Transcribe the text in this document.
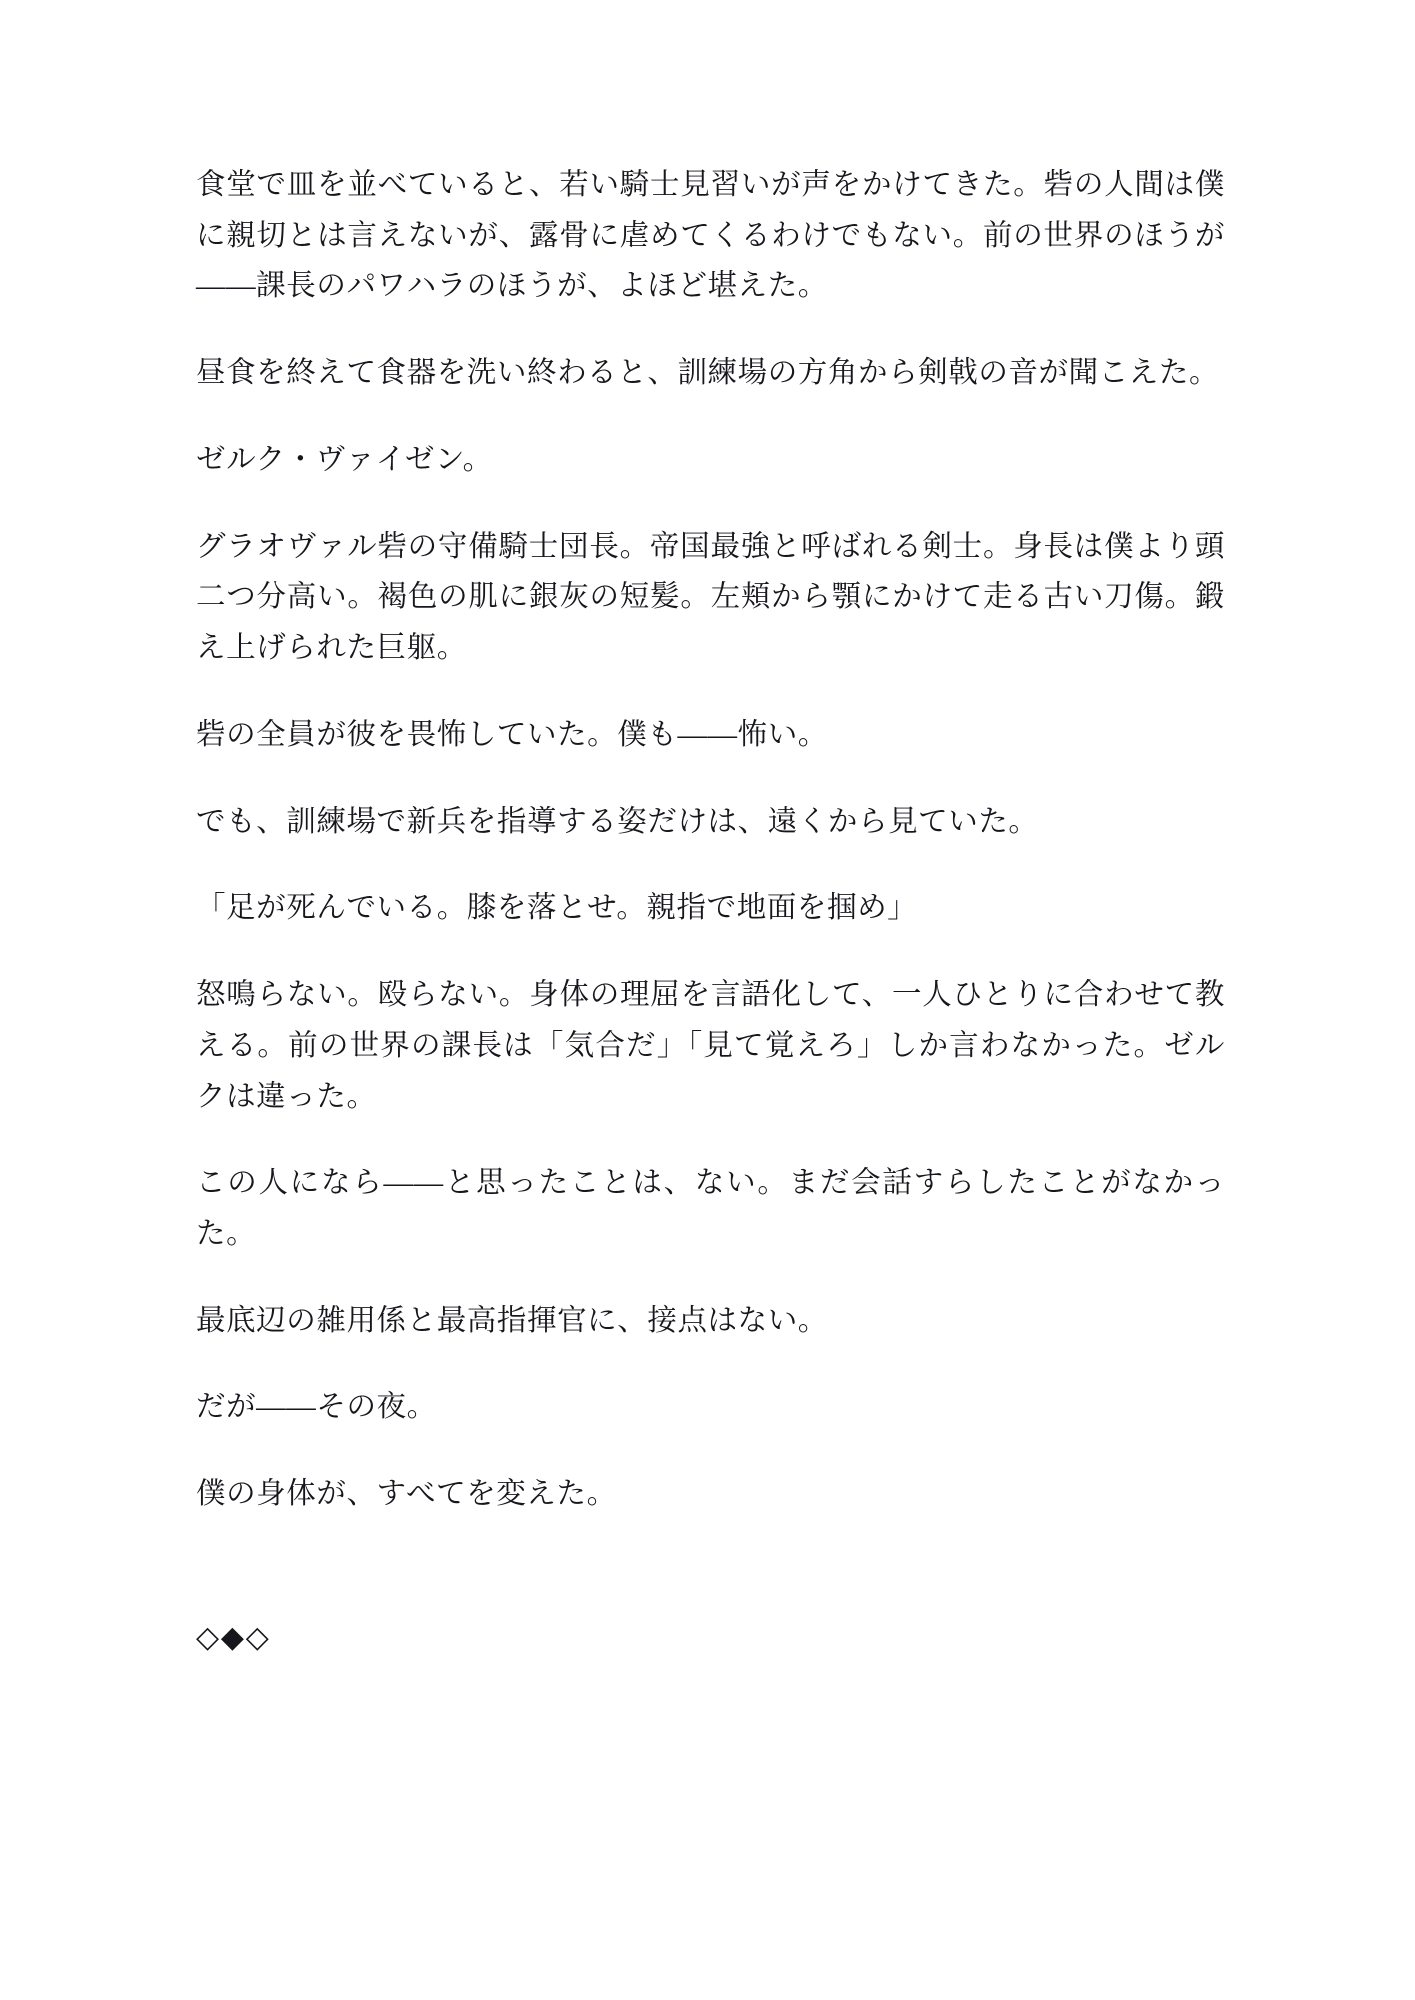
食堂で皿を並べていると、若い騎士見習いが声をかけてきた。砦の人間は僕に親切とは言えないが、露骨に虐めてくるわけでもない。前の世界のほうが——課長のパワハラのほうが、よほど堪えた。

昼食を終えて食器を洗い終わると、訓練場の方角から剣戟の音が聞こえた。

ゼルク・ヴァイゼン。

グラオヴァル砦の守備騎士団長。帝国最強と呼ばれる剣士。身長は僕より頭二つ分高い。褐色の肌に銀灰の短髪。左頬から顎にかけて走る古い刀傷。鍛え上げられた巨躯。

砦の全員が彼を畏怖していた。僕も——怖い。

でも、訓練場で新兵を指導する姿だけは、遠くから見ていた。

「足が死んでいる。膝を落とせ。親指で地面を掴め」

怒鳴らない。殴らない。身体の理屈を言語化して、一人ひとりに合わせて教える。前の世界の課長は「気合だ」「見て覚えろ」しか言わなかった。ゼルクは違った。

この人になら——と思ったことは、ない。まだ会話すらしたことがなかった。

最底辺の雑用係と最高指揮官に、接点はない。

だが——その夜。

僕の身体が、すべてを変えた。

◇◆◇
